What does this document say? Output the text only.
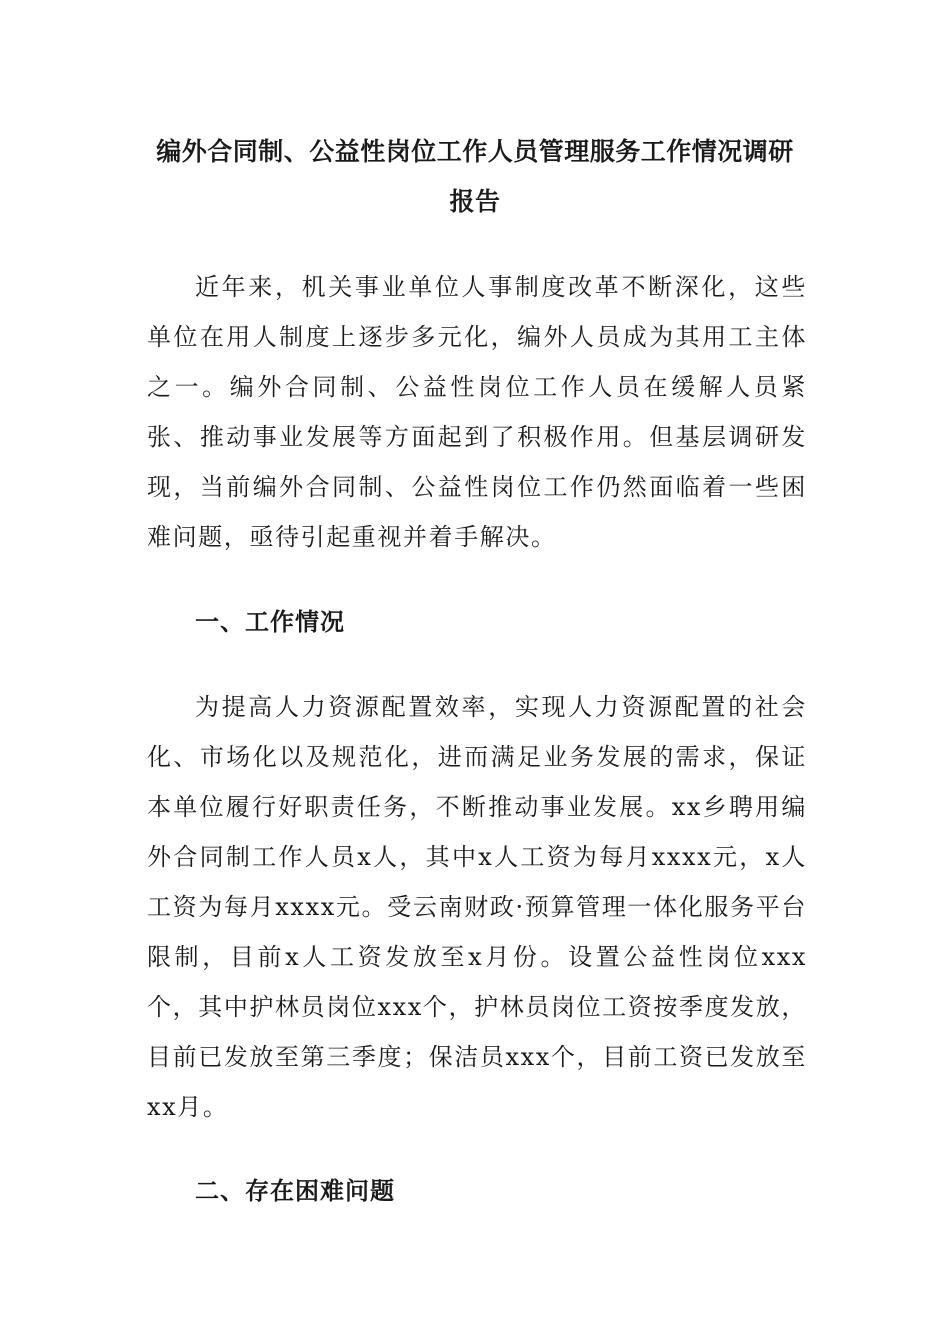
编外合同制、公益性岗位工作人员管理服务工作情况调研
报告

近年来，机关事业单位人事制度改革不断深化，这些单位在用人制度上逐步多元化，编外人员成为其用工主体之一。编外合同制、公益性岗位工作人员在缓解人员紧张、推动事业发展等方面起到了积极作用。但基层调研发现，当前编外合同制、公益性岗位工作仍然面临着一些困难问题，亟待引起重视并着手解决。

一、工作情况

为提高人力资源配置效率，实现人力资源配置的社会化、市场化以及规范化，进而满足业务发展的需求，保证本单位履行好职责任务，不断推动事业发展。xx乡聘用编外合同制工作人员x人，其中x人工资为每月xxxx元，x人工资为每月xxxx元。受云南财政·预算管理一体化服务平台限制，目前x人工资发放至x月份。设置公益性岗位xxx个，其中护林员岗位xxx个，护林员岗位工资按季度发放，目前已发放至第三季度；保洁员xxx个，目前工资已发放至xx月。

二、存在困难问题
